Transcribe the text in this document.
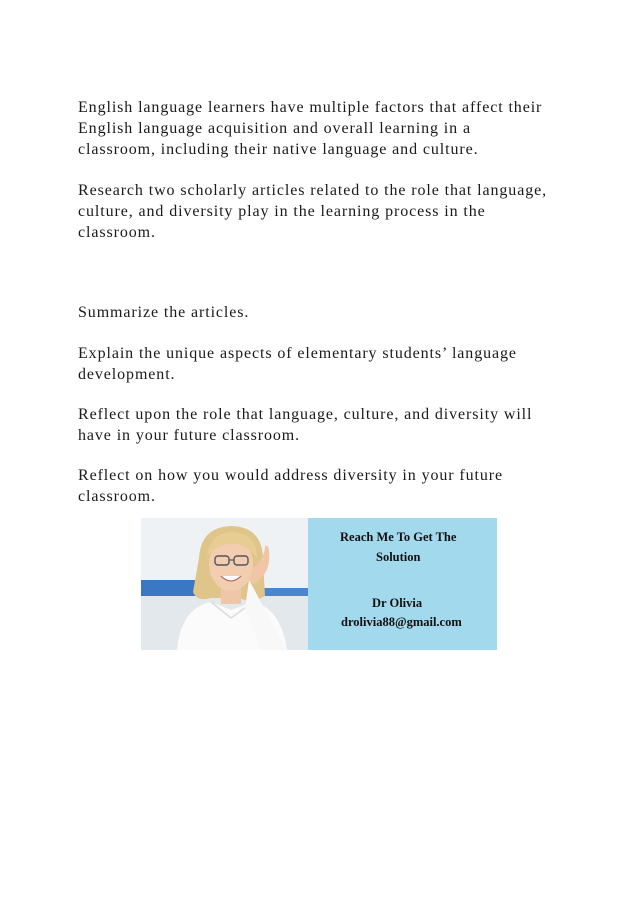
English language learners have multiple factors that affect their
English language acquisition and overall learning in a
classroom, including their native language and culture.

Research two scholarly articles related to the role that language,
culture, and diversity play in the learning process in the
classroom.

Summarize the articles.

Explain the unique aspects of elementary students’ language
development.

Reflect upon the role that language, culture, and diversity will
have in your future classroom.

Reflect on how you would address diversity in your future
classroom.

Reach Me To Get The
Solution
Dr Olivia
drolivia88@gmail.com
